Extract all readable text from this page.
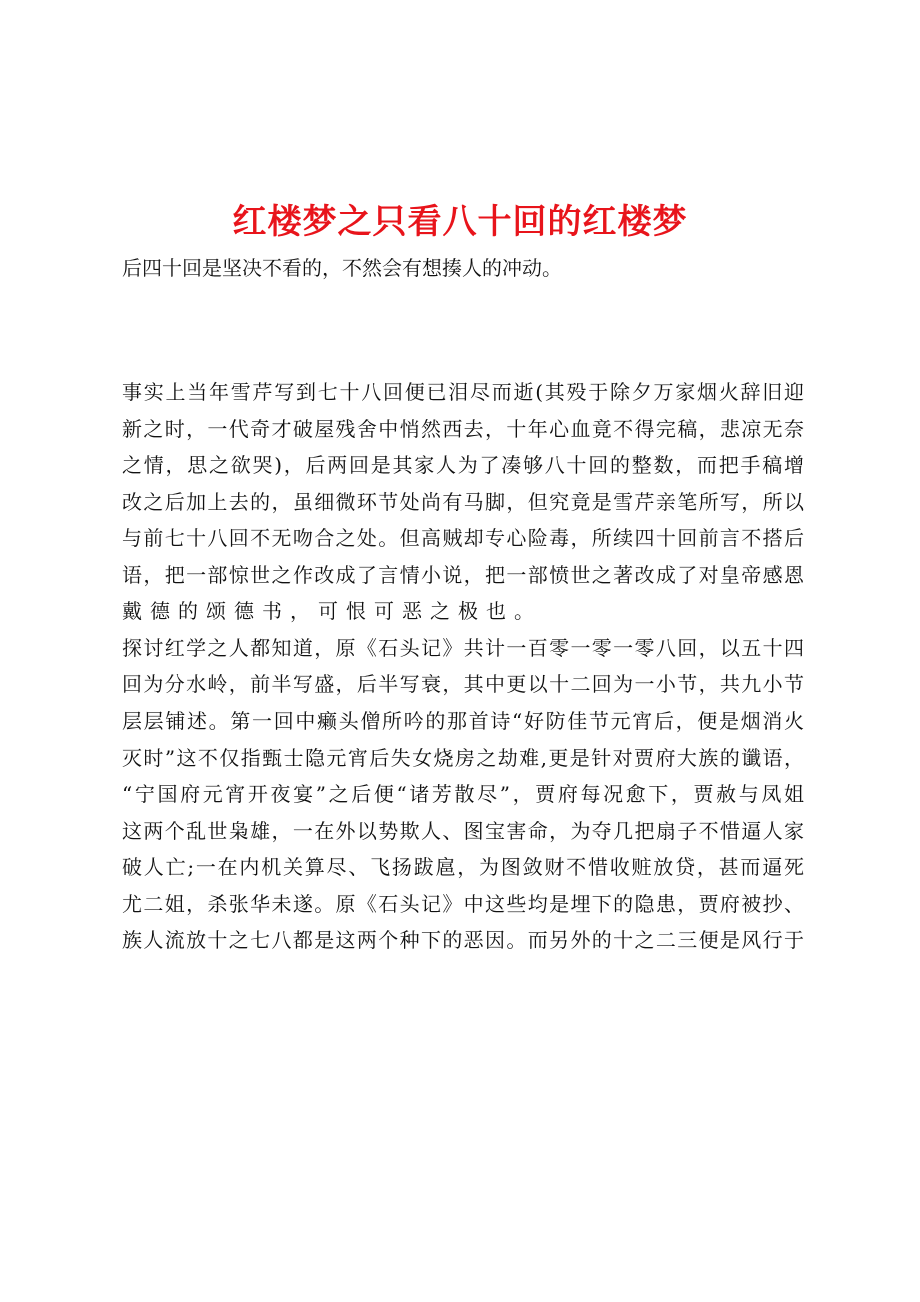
红楼梦之只看八十回的红楼梦
后四十回是坚决不看的，不然会有想揍人的冲动。
事实上当年雪芹写到七十八回便已泪尽而逝(其殁于除夕万家烟火辞旧迎
新之时，一代奇才破屋残舍中悄然西去，十年心血竟不得完稿，悲凉无奈
之情，思之欲哭)，后两回是其家人为了凑够八十回的整数，而把手稿增
改之后加上去的，虽细微环节处尚有马脚，但究竟是雪芹亲笔所写，所以
与前七十八回不无吻合之处。但高贼却专心险毒，所续四十回前言不搭后
语，把一部惊世之作改成了言情小说，把一部愤世之著改成了对皇帝感恩
戴德的颂德书，可恨可恶之极也。
探讨红学之人都知道，原《石头记》共计一百零一零一零八回，以五十四
回为分水岭，前半写盛，后半写衰，其中更以十二回为一小节，共九小节
层层铺述。第一回中癞头僧所吟的那首诗“好防佳节元宵后，便是烟消火
灭时”这不仅指甄士隐元宵后失女烧房之劫难,更是针对贾府大族的谶语，
“宁国府元宵开夜宴”之后便“诸芳散尽”，贾府每况愈下，贾赦与凤姐
这两个乱世枭雄，一在外以势欺人、图宝害命，为夺几把扇子不惜逼人家
破人亡;一在内机关算尽、飞扬跋扈，为图敛财不惜收赃放贷，甚而逼死
尤二姐，杀张华未遂。原《石头记》中这些均是埋下的隐患，贾府被抄、
族人流放十之七八都是这两个种下的恶因。而另外的十之二三便是风行于
